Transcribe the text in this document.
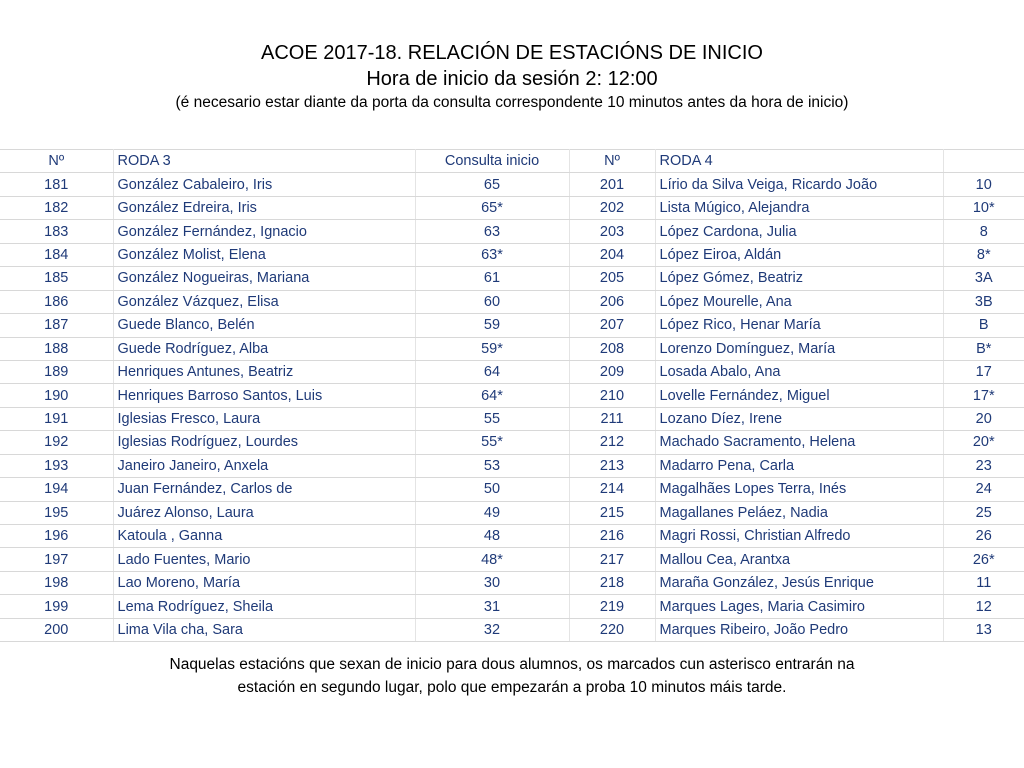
ACOE 2017-18. RELACIÓN DE ESTACIÓNS DE INICIO
Hora de inicio da sesión 2: 12:00
(é necesario estar diante da porta da consulta correspondente 10 minutos antes da hora de inicio)
Nº	RODA 3	Consulta inicio	Nº	RODA 4	
181	González Cabaleiro, Iris	65	201	Lírio da Silva Veiga, Ricardo João	10
182	González Edreira, Iris	65*	202	Lista Múgico, Alejandra	10*
183	González Fernández, Ignacio	63	203	López Cardona, Julia	8
184	González Molist, Elena	63*	204	López Eiroa, Aldán	8*
185	González Nogueiras, Mariana	61	205	López Gómez, Beatriz	3A
186	González Vázquez, Elisa	60	206	López Mourelle, Ana	3B
187	Guede Blanco, Belén	59	207	López Rico, Henar María	B
188	Guede Rodríguez, Alba	59*	208	Lorenzo Domínguez, María	B*
189	Henriques Antunes, Beatriz	64	209	Losada Abalo, Ana	17
190	Henriques Barroso Santos, Luis	64*	210	Lovelle Fernández, Miguel	17*
191	Iglesias Fresco, Laura	55	211	Lozano Díez, Irene	20
192	Iglesias Rodríguez, Lourdes	55*	212	Machado Sacramento, Helena	20*
193	Janeiro Janeiro, Anxela	53	213	Madarro Pena, Carla	23
194	Juan Fernández, Carlos de	50	214	Magalhães Lopes Terra, Inés	24
195	Juárez Alonso, Laura	49	215	Magallanes Peláez, Nadia	25
196	Katoula , Ganna	48	216	Magri Rossi, Christian Alfredo	26
197	Lado Fuentes, Mario	48*	217	Mallou Cea, Arantxa	26*
198	Lao Moreno, María	30	218	Maraña González, Jesús Enrique	11
199	Lema Rodríguez, Sheila	31	219	Marques Lages, Maria Casimiro	12
200	Lima Vila cha, Sara	32	220	Marques Ribeiro, João Pedro	13
Naquelas estacións que sexan de inicio para dous alumnos, os marcados cun asterisco entrarán na
estación en segundo lugar, polo que empezarán a proba 10 minutos máis tarde.
